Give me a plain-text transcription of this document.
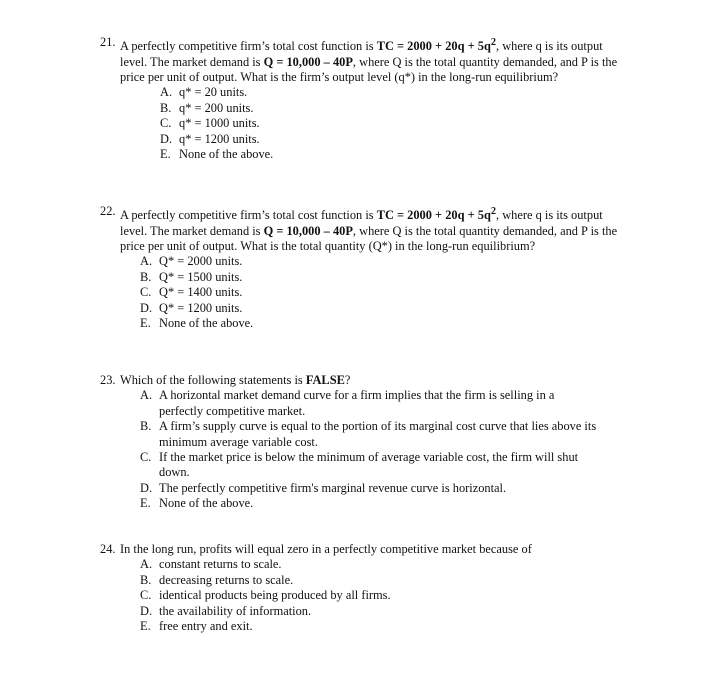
21. A perfectly competitive firm’s total cost function is TC = $2000 + 20q + 5q^2$, where q is its output level. The market demand is Q = 10,000 – 40P, where Q is the total quantity demanded, and P is the price per unit of output. What is the firm’s output level (q*) in the long-run equilibrium?
A. q* = 20 units.
B. q* = 200 units.
C. q* = 1000 units.
D. q* = 1200 units.
E. None of the above.
22. A perfectly competitive firm’s total cost function is TC = $2000 + 20q + 5q^2$, where q is its output level. The market demand is Q = 10,000 – 40P, where Q is the total quantity demanded, and P is the price per unit of output. What is the total quantity (Q*) in the long-run equilibrium?
A. Q* = 2000 units.
B. Q* = 1500 units.
C. Q* = 1400 units.
D. Q* = 1200 units.
E. None of the above.
23. Which of the following statements is FALSE?
A. A horizontal market demand curve for a firm implies that the firm is selling in a perfectly competitive market.
B. A firm’s supply curve is equal to the portion of its marginal cost curve that lies above its minimum average variable cost.
C. If the market price is below the minimum of average variable cost, the firm will shut down.
D. The perfectly competitive firm's marginal revenue curve is horizontal.
E. None of the above.
24. In the long run, profits will equal zero in a perfectly competitive market because of
A. constant returns to scale.
B. decreasing returns to scale.
C. identical products being produced by all firms.
D. the availability of information.
E. free entry and exit.
